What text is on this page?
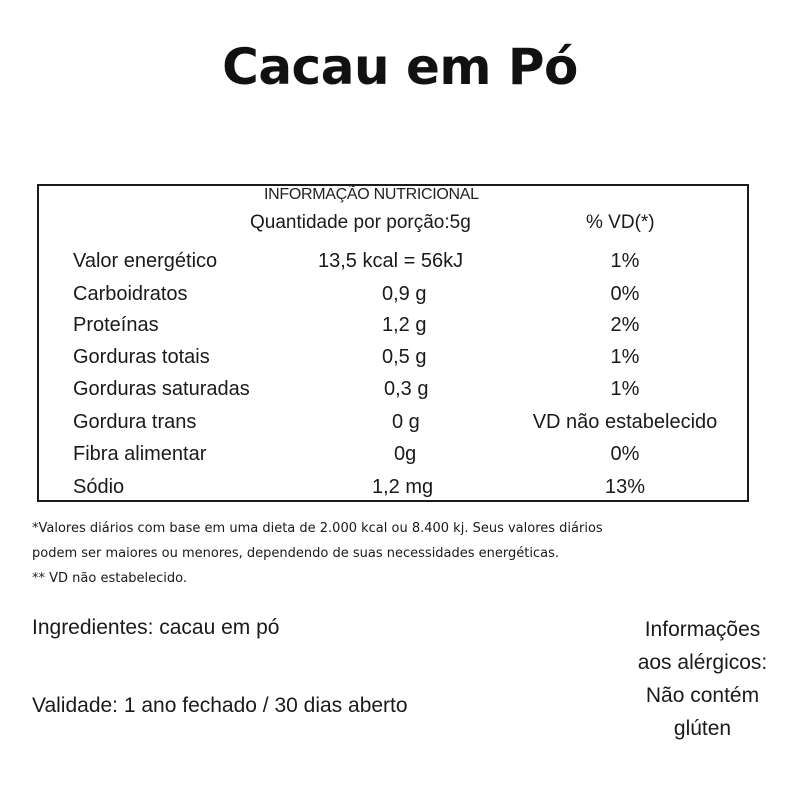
Cacau em Pó
INFORMAÇÃO NUTRICIONAL
Quantidade por porção:5g	% VD(*)
Valor energético	13,5 kcal = 56kJ	1%
Carboidratos	0,9 g	0%
Proteínas	1,2 g	2%
Gorduras totais	0,5 g	1%
Gorduras saturadas	0,3 g	1%
Gordura trans	0 g	VD não estabelecido
Fibra alimentar	0g	0%
Sódio	1,2 mg	13%
*Valores diários com base em uma dieta de 2.000 kcal ou 8.400 kj. Seus valores diários
podem ser maiores ou menores, dependendo de suas necessidades energéticas.
** VD não estabelecido.
Ingredientes: cacau em pó
Validade: 1 ano fechado / 30 dias aberto
Informações
aos alérgicos:
Não contém
glúten
